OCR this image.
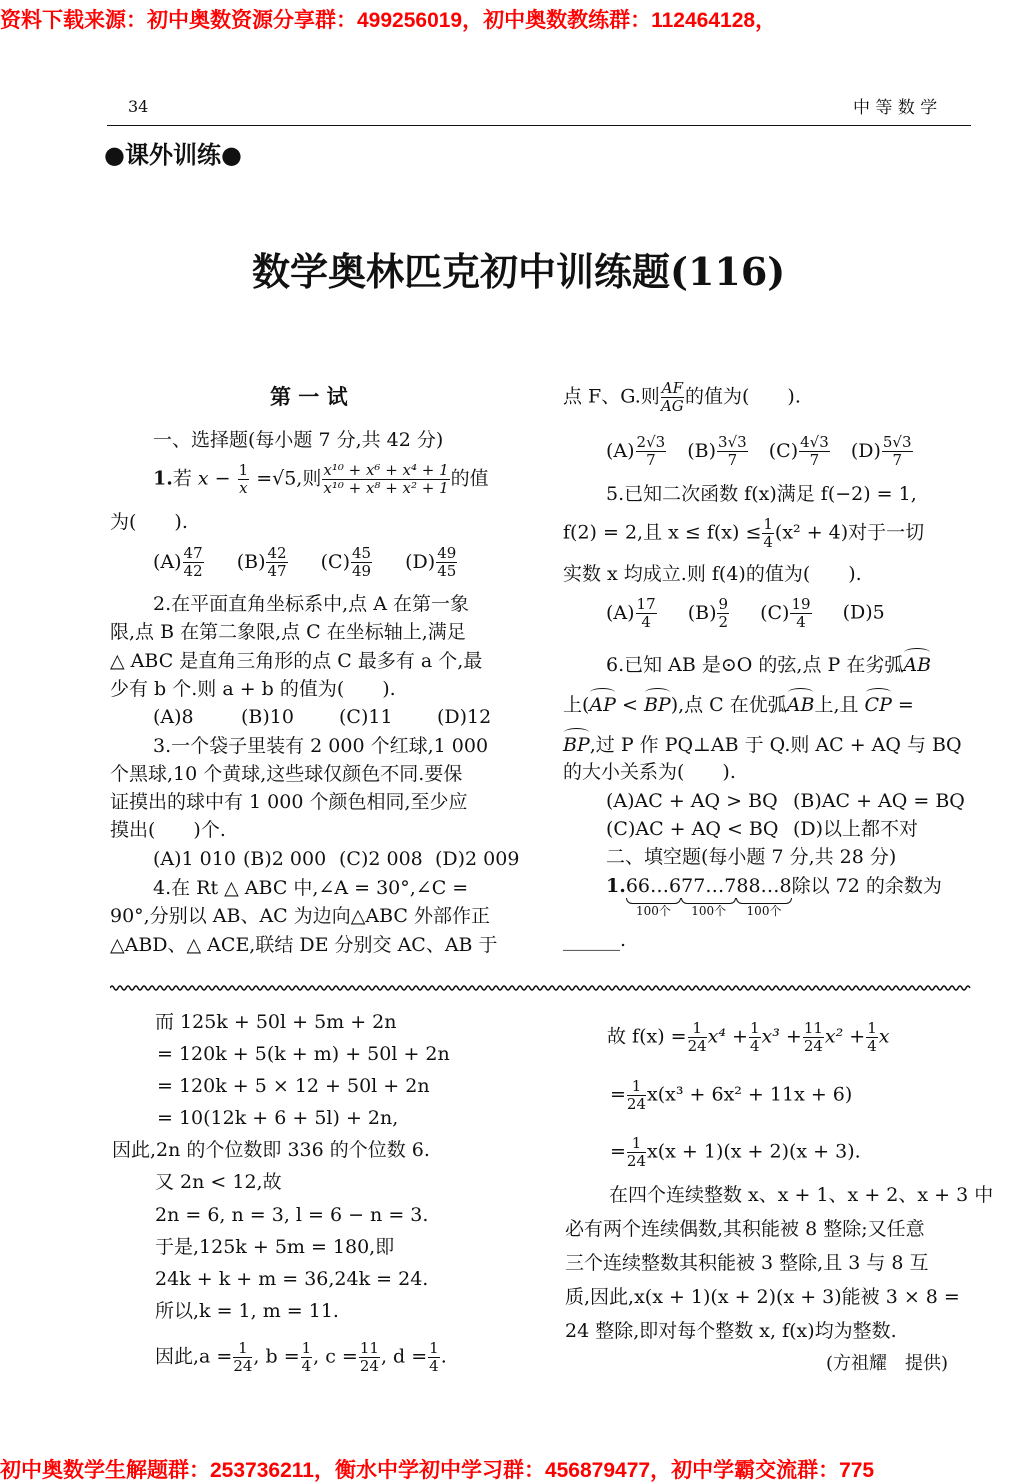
资料下载来源：初中奥数资源分享群：499256019，初中奥数教练群：112464128，
初中奥数学生解题群：253736211，衡水中学初中学习群：456879477，初中学霸交流群：775
34	中 等 数 学
●课外训练●
数学奥林匹克初中训练题(116)
第 一 试
一、选择题(每小题 7 分,共 42 分)
1.若 $x - \frac{1}{x} =√5$,则 $\frac{\text{x¹⁰ + x⁶ + x⁴ + 1}}{\text{x¹⁰ + x⁸ + x² + 1}}$ 的值
为(　　).
$(A) \frac{47}{42} (B) \frac{42}{47} (C) \frac{45}{49} (D) \frac{49}{45}$
2.在平面直角坐标系中,点 A 在第一象
限,点 B 在第二象限,点 C 在坐标轴上,满足
△ ABC 是直角三角形的点 C 最多有 a 个,最
少有 b 个.则 a + b 的值为(　　).
(A)8 (B)10 (C)11 (D)12
3.一个袋子里装有 2 000 个红球,1 000
个黑球,10 个黄球,这些球仅颜色不同.要保
证摸出的球中有 1 000 个颜色相同,至少应
摸出(　　)个.
(A)1 010 (B)2 000 (C)2 008 (D)2 009
4.在 Rt △ ABC 中,∠A = 30°,∠C =
90°,分别以 AB、AC 为边向△ABC 外部作正
△ABD、△ ACE,联结 DE 分别交 AC、AB 于
点 F、G.则 $\frac{AF}{AG}$ 的值为(　　).
$(A) \frac{2√3}{7} (B) \frac{3√3}{7} (C) \frac{4√3}{7} (D) \frac{5√3}{7}$
5.已知二次函数 f(x)满足 f(−2) = 1,
f(2) = 2,且 $x \le f(x) \le \frac{1}{4} (x^2 + 4)$对于一切
实数 x 均成立.则 f(4)的值为(　　).
$(A) \frac{17}{4} (B) \frac{9}{2} (C) \frac{19}{4} (D)5$
6.已知 AB 是⊙O 的弦,点 P 在劣弧AB
上(AP < BP),点 C 在优弧AB上,且 CP =
BP,过 P 作 PQ⊥AB 于 Q.则 AC + AQ 与 BQ
的大小关系为(　　).
(A)AC + AQ > BQ (B)AC + AQ = BQ
(C)AC + AQ < BQ (D)以上都不对
二、填空题(每小题 7 分,共 28 分)
1. 66…6
100个
77…7
100个
88…8
100个
除以 72 的余数为
______.
而 125k + 50l + 5m + 2n
= 120k + 5(k + m) + 50l + 2n
= 120k + 5 × 12 + 50l + 2n
= 10(12k + 6 + 5l) + 2n,
因此,2n 的个位数即 336 的个位数 6.
又 2n < 12,故
2n = 6, n = 3, l = 6 − n = 3.
于是,125k + 5m = 180,即
24k + k + m = 36,24k = 24.
所以,k = 1, m = 11.
因此$,a = \frac{1}{24}$ , $b = \frac{1}{4}$ , $c = \frac{11}{24}$ , $d = \frac{1}{4}$ .
故 $f(x) = \frac{1}{24} x^4 + \frac{1}{4} x^3 + \frac{11}{24} x^2 + \frac{1}{4}$ x
= $\frac{1}{24} x(x^3 + 6x^2 + 11x + 6)$
= $\frac{1}{24} x(x + 1)(x + 2)(x + 3)$.
在四个连续整数 x、x + 1、x + 2、x + 3 中
必有两个连续偶数,其积能被 8 整除;又任意
三个连续整数其积能被 3 整除,且 3 与 8 互
质,因此,x(x + 1)(x + 2)(x + 3)能被 3 × 8 =
24 整除,即对每个整数 x, f(x)均为整数.
(方祖耀　提供)
